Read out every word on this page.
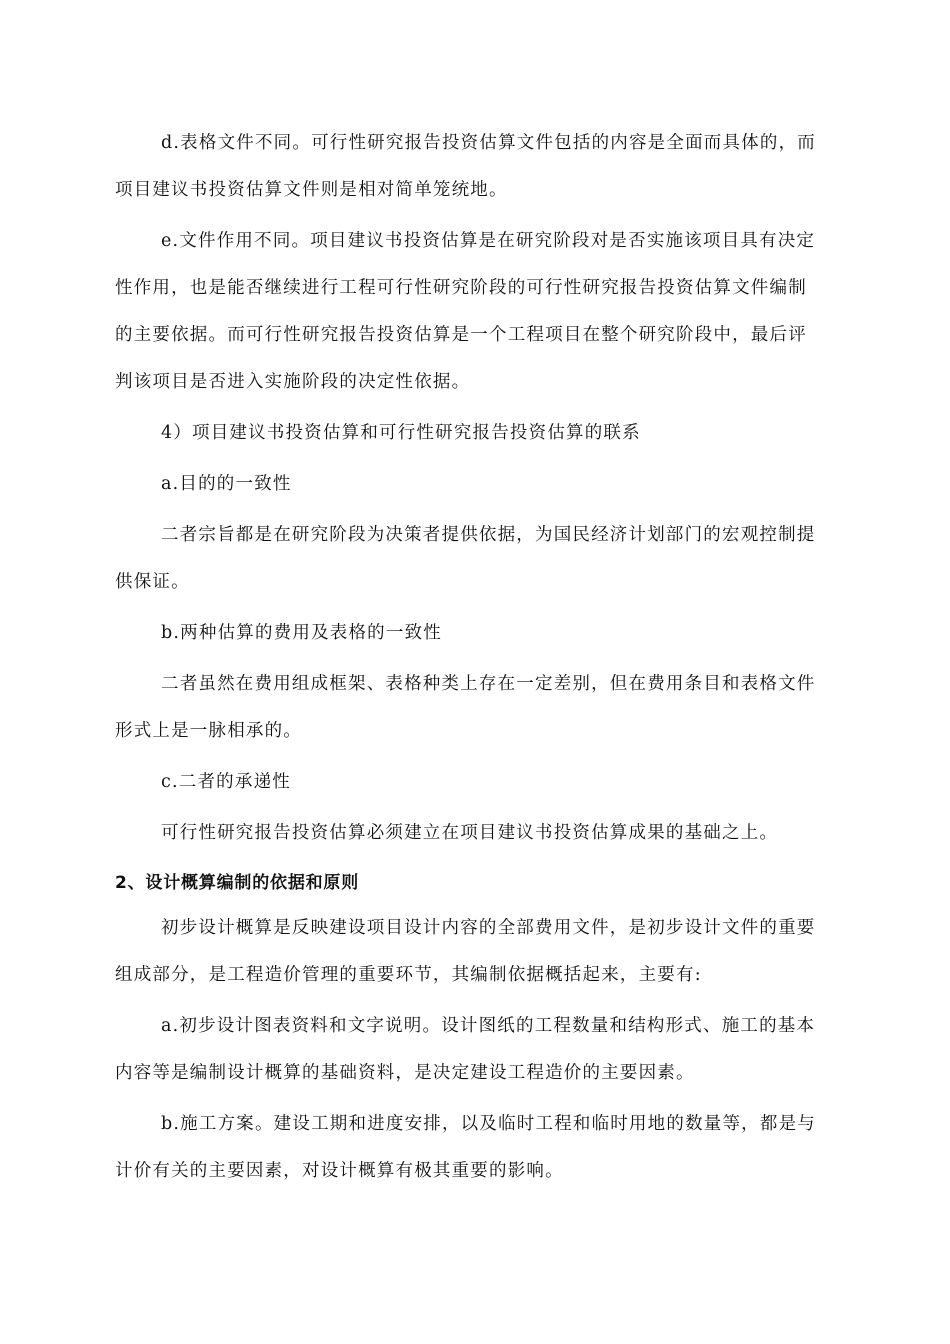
d.表格文件不同。可行性研究报告投资估算文件包括的内容是全面而具体的，而
项目建议书投资估算文件则是相对简单笼统地。
e.文件作用不同。项目建议书投资估算是在研究阶段对是否实施该项目具有决定
性作用，也是能否继续进行工程可行性研究阶段的可行性研究报告投资估算文件编制
的主要依据。而可行性研究报告投资估算是一个工程项目在整个研究阶段中，最后评
判该项目是否进入实施阶段的决定性依据。
4）项目建议书投资估算和可行性研究报告投资估算的联系
a.目的的一致性
二者宗旨都是在研究阶段为决策者提供依据，为国民经济计划部门的宏观控制提
供保证。
b.两种估算的费用及表格的一致性
二者虽然在费用组成框架、表格种类上存在一定差别，但在费用条目和表格文件
形式上是一脉相承的。
c.二者的承递性
可行性研究报告投资估算必须建立在项目建议书投资估算成果的基础之上。
2、设计概算编制的依据和原则
初步设计概算是反映建设项目设计内容的全部费用文件，是初步设计文件的重要
组成部分，是工程造价管理的重要环节，其编制依据概括起来，主要有:
a.初步设计图表资料和文字说明。设计图纸的工程数量和结构形式、施工的基本
内容等是编制设计概算的基础资料，是决定建设工程造价的主要因素。
b.施工方案。建设工期和进度安排，以及临时工程和临时用地的数量等，都是与
计价有关的主要因素，对设计概算有极其重要的影响。
